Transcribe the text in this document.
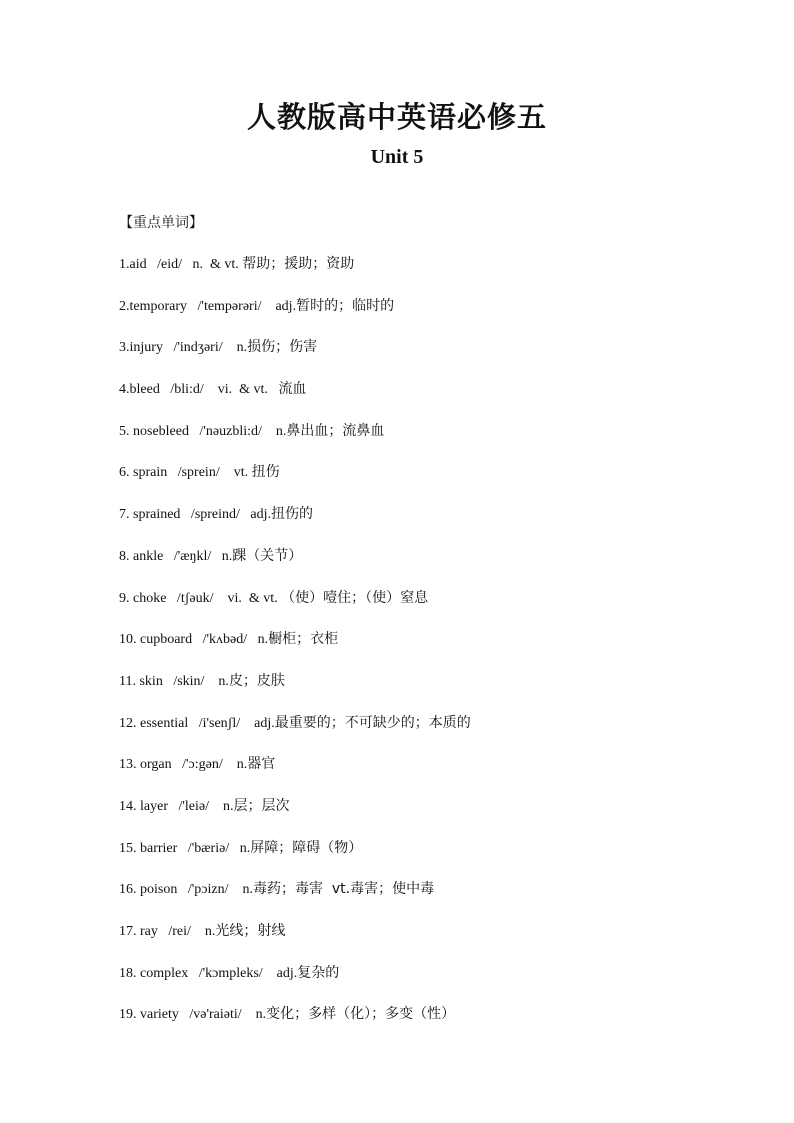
人教版高中英语必修五
Unit 5
【重点单词】
1.aid   /eid/   n.  & vt. 帮助；援助；资助
2.temporary   /'tempərəri/    adj.暂时的；临时的
3.injury   /'indʒəri/    n.损伤；伤害
4.bleed   /bli:d/    vi.  & vt.   流血
5. nosebleed   /'nəuzbli:d/    n.鼻出血；流鼻血
6. sprain   /sprein/    vt. 扭伤
7. sprained   /spreind/   adj.扭伤的
8. ankle   /'æŋkl/   n.踝（关节）
9. choke   /tʃəuk/    vi.  & vt. （使）噎住；（使）窒息
10. cupboard   /'kʌbəd/   n.橱柜；衣柜
11. skin   /skin/    n.皮；皮肤
12. essential   /i'senʃl/    adj.最重要的；不可缺少的；本质的
13. organ   /'ɔ:gən/    n.器官
14. layer   /'leiə/    n.层；层次
15. barrier   /'bæriə/   n.屏障；障碍（物）
16. poison   /'pɔizn/    n.毒药；毒害  vt.毒害；使中毒
17. ray   /rei/    n.光线；射线
18. complex   /'kɔmpleks/    adj.复杂的
19. variety   /və'raiəti/    n.变化；多样（化）；多变（性）
